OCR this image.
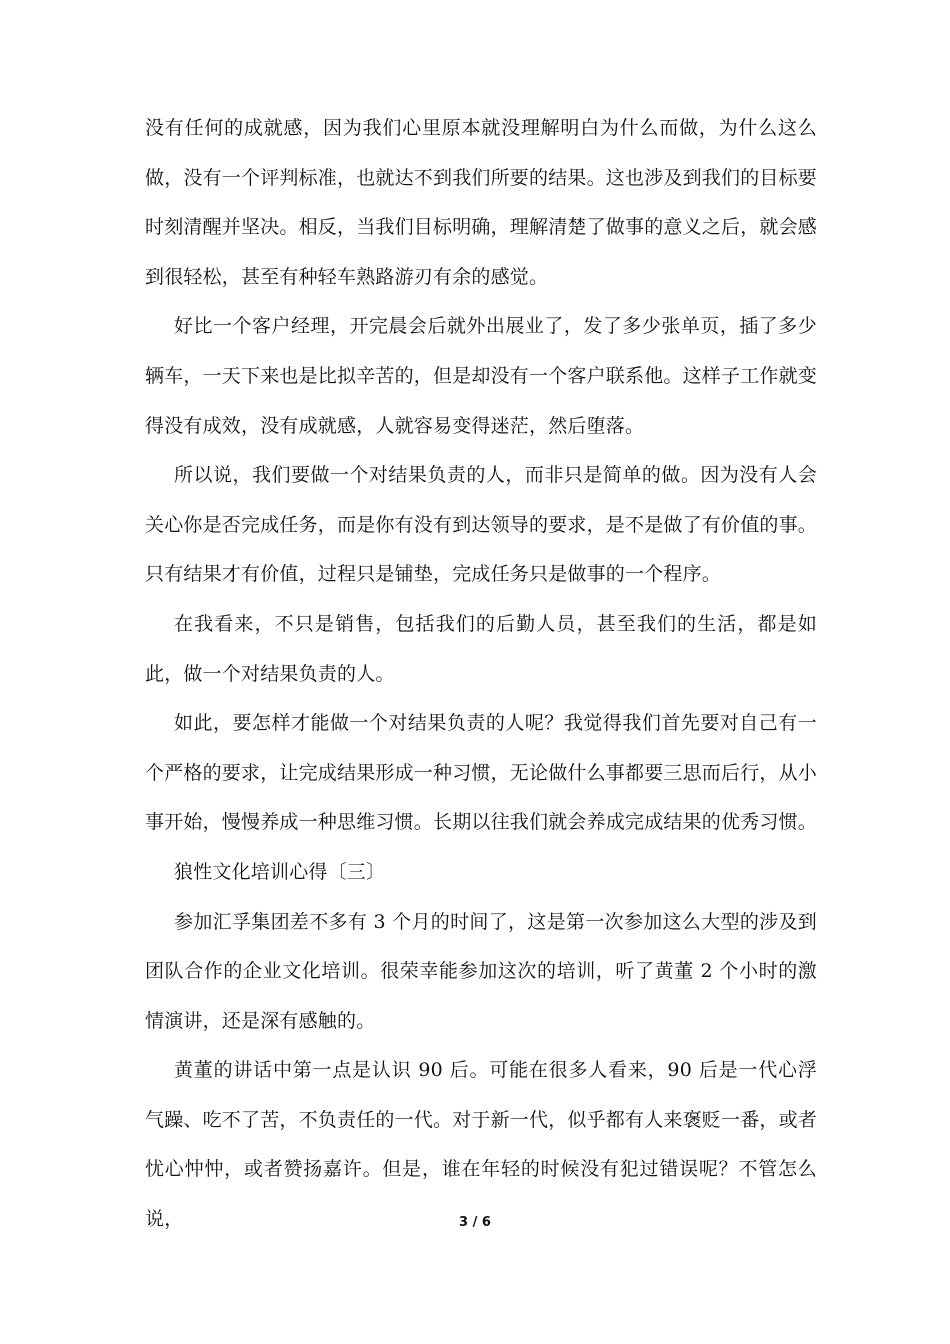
没有任何的成就感，因为我们心里原本就没理解明白为什么而做，为什么这么做，没有一个评判标准，也就达不到我们所要的结果。这也涉及到我们的目标要时刻清醒并坚决。相反，当我们目标明确，理解清楚了做事的意义之后，就会感到很轻松，甚至有种轻车熟路游刃有余的感觉。

好比一个客户经理，开完晨会后就外出展业了，发了多少张单页，插了多少辆车，一天下来也是比拟辛苦的，但是却没有一个客户联系他。这样子工作就变得没有成效，没有成就感，人就容易变得迷茫，然后堕落。

所以说，我们要做一个对结果负责的人，而非只是简单的做。因为没有人会关心你是否完成任务，而是你有没有到达领导的要求，是不是做了有价值的事。只有结果才有价值，过程只是铺垫，完成任务只是做事的一个程序。

在我看来，不只是销售，包括我们的后勤人员，甚至我们的生活，都是如此，做一个对结果负责的人。

如此，要怎样才能做一个对结果负责的人呢？我觉得我们首先要对自己有一个严格的要求，让完成结果形成一种习惯，无论做什么事都要三思而后行，从小事开始，慢慢养成一种思维习惯。长期以往我们就会养成完成结果的优秀习惯。

狼性文化培训心得〔三〕

参加汇孚集团差不多有 3 个月的时间了，这是第一次参加这么大型的涉及到团队合作的企业文化培训。很荣幸能参加这次的培训，听了黄董 2 个小时的激情演讲，还是深有感触的。

黄董的讲话中第一点是认识 90 后。可能在很多人看来，90 后是一代心浮气躁、吃不了苦，不负责任的一代。对于新一代，似乎都有人来褒贬一番，或者忧心忡忡，或者赞扬嘉许。但是，谁在年轻的时候没有犯过错误呢？不管怎么说，	3 / 6
